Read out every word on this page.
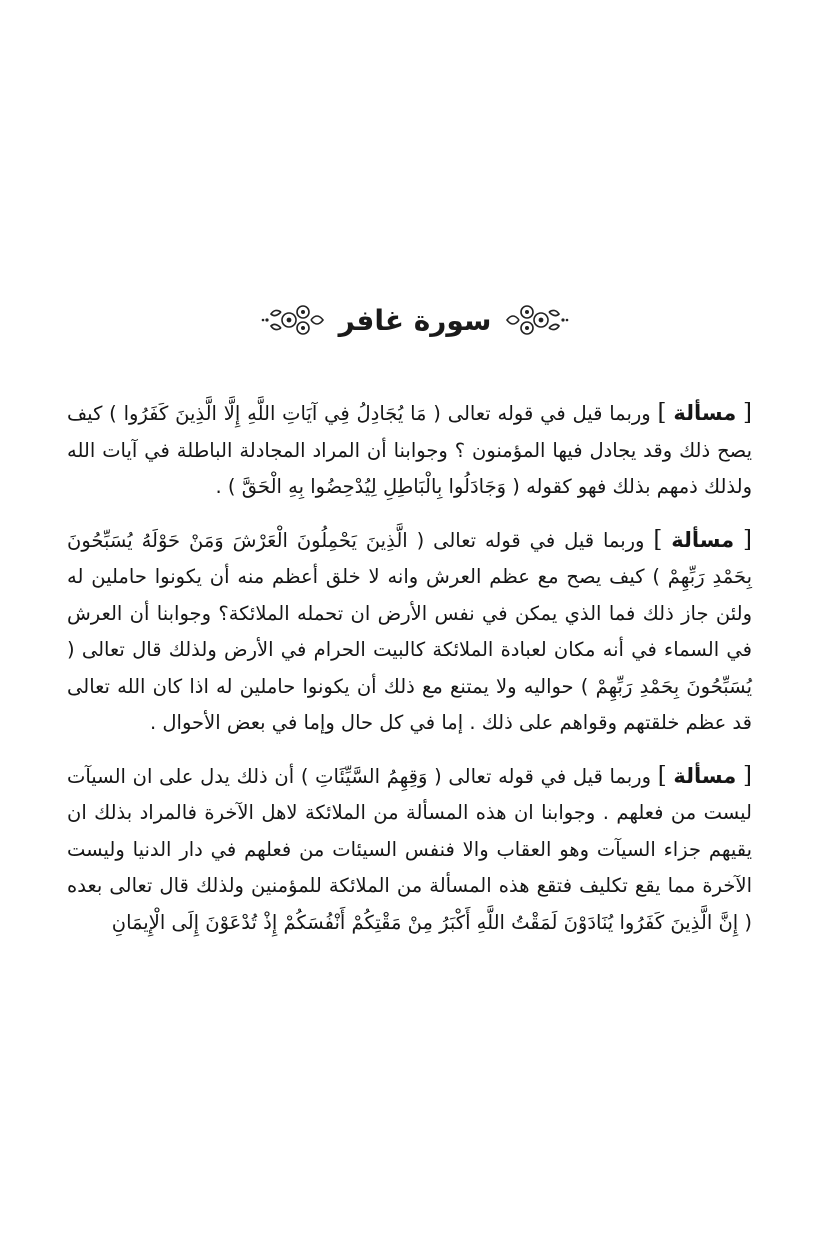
سورة غافر

[ مسألة ] وربما قيل في قوله تعالى ( مَا يُجَادِلُ فِي آيَاتِ اللَّهِ إِلَّا الَّذِينَ كَفَرُوا ) كيف يصح ذلك وقد يجادل فيها المؤمنون ؟ وجوابنا أن المراد المجادلة الباطلة في آيات الله ولذلك ذمهم بذلك فهو كقوله ( وَجَادَلُوا بِالْبَاطِلِ لِيُدْحِضُوا بِهِ الْحَقَّ ) .

[ مسألة ] وربما قيل في قوله تعالى ( الَّذِينَ يَحْمِلُونَ الْعَرْشَ وَمَنْ حَوْلَهُ يُسَبِّحُونَ بِحَمْدِ رَبِّهِمْ ) كيف يصح مع عظم العرش وانه لا خلق أعظم منه أن يكونوا حاملين له ولئن جاز ذلك فما الذي يمكن في نفس الأرض ان تحمله الملائكة؟ وجوابنا أن العرش في السماء في أنه مكان لعبادة الملائكة كالبيت الحرام في الأرض ولذلك قال تعالى ( يُسَبِّحُونَ بِحَمْدِ رَبِّهِمْ ) حواليه ولا يمتنع مع ذلك أن يكونوا حاملين له اذا كان الله تعالى قد عظم خلقتهم وقواهم على ذلك . إما في كل حال وإما في بعض الأحوال .

[ مسألة ] وربما قيل في قوله تعالى ( وَقِهِمُ السَّيِّئَاتِ ) أن ذلك يدل على ان السيآت ليست من فعلهم . وجوابنا ان هذه المسألة من الملائكة لاهل الآخرة فالمراد بذلك ان يقيهم جزاء السيآت وهو العقاب والا فنفس السيئات من فعلهم في دار الدنيا وليست الآخرة مما يقع تكليف فتقع هذه المسألة من الملائكة للمؤمنين ولذلك قال تعالى بعده ( إِنَّ الَّذِينَ كَفَرُوا يُنَادَوْنَ لَمَقْتُ اللَّهِ أَكْبَرُ مِنْ مَقْتِكُمْ أَنْفُسَكُمْ إِذْ تُدْعَوْنَ إِلَى الْإِيمَانِ
